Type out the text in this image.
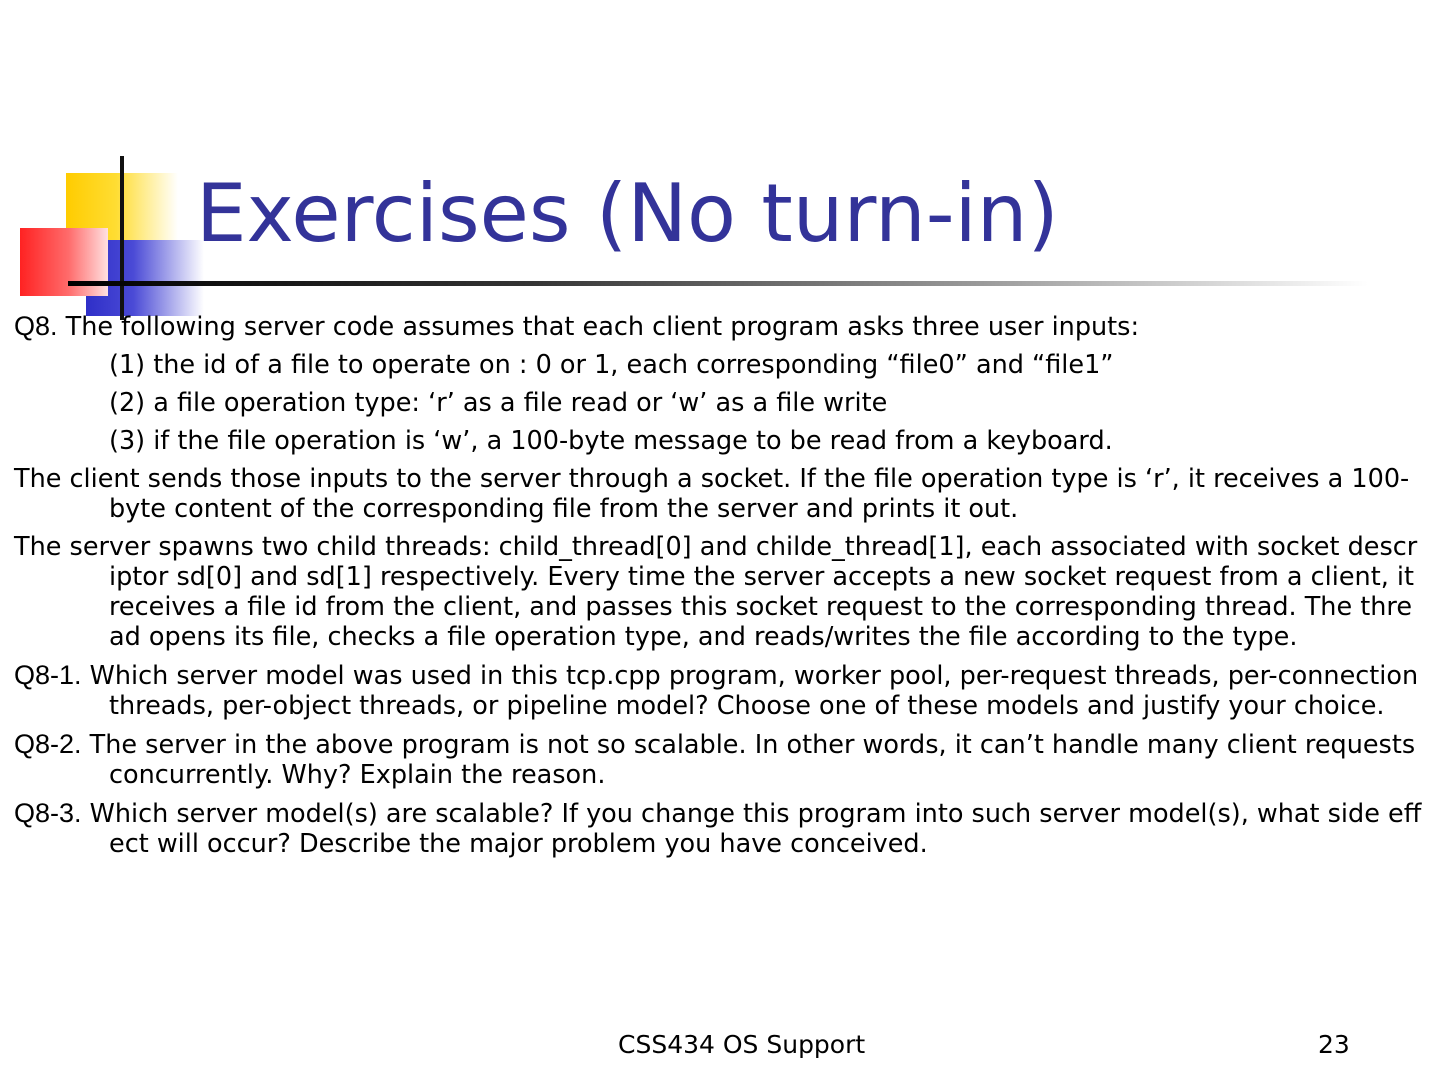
Exercises (No turn-in)

Q8. The following server code assumes that each client program asks three user inputs:

(1) the id of a file to operate on : 0 or 1, each corresponding “file0” and “file1”

(2) a file operation type: ‘r’ as a file read or ‘w’ as a file write

(3) if the file operation is ‘w’, a 100-byte message to be read from a keyboard.

The client sends those inputs to the server through a socket. If the file operation type is ‘r’, it receives a 100-byte content of the corresponding file from the server and prints it out.

The server spawns two child threads: child_thread[0] and childe_thread[1], each associated with socket descriptor sd[0] and sd[1] respectively. Every time the server accepts a new socket request from a client, it receives a file id from the client, and passes this socket request to the corresponding thread. The thread opens its file, checks a file operation type, and reads/writes the file according to the type.

Q8-1. Which server model was used in this tcp.cpp program, worker pool, per-request threads, per-connection threads, per-object threads, or pipeline model? Choose one of these models and justify your choice.

Q8-2. The server in the above program is not so scalable. In other words, it can’t handle many client requests concurrently. Why? Explain the reason.

Q8-3. Which server model(s) are scalable? If you change this program into such server model(s), what side effect will occur? Describe the major problem you have conceived.

CSS434 OS Support	23
